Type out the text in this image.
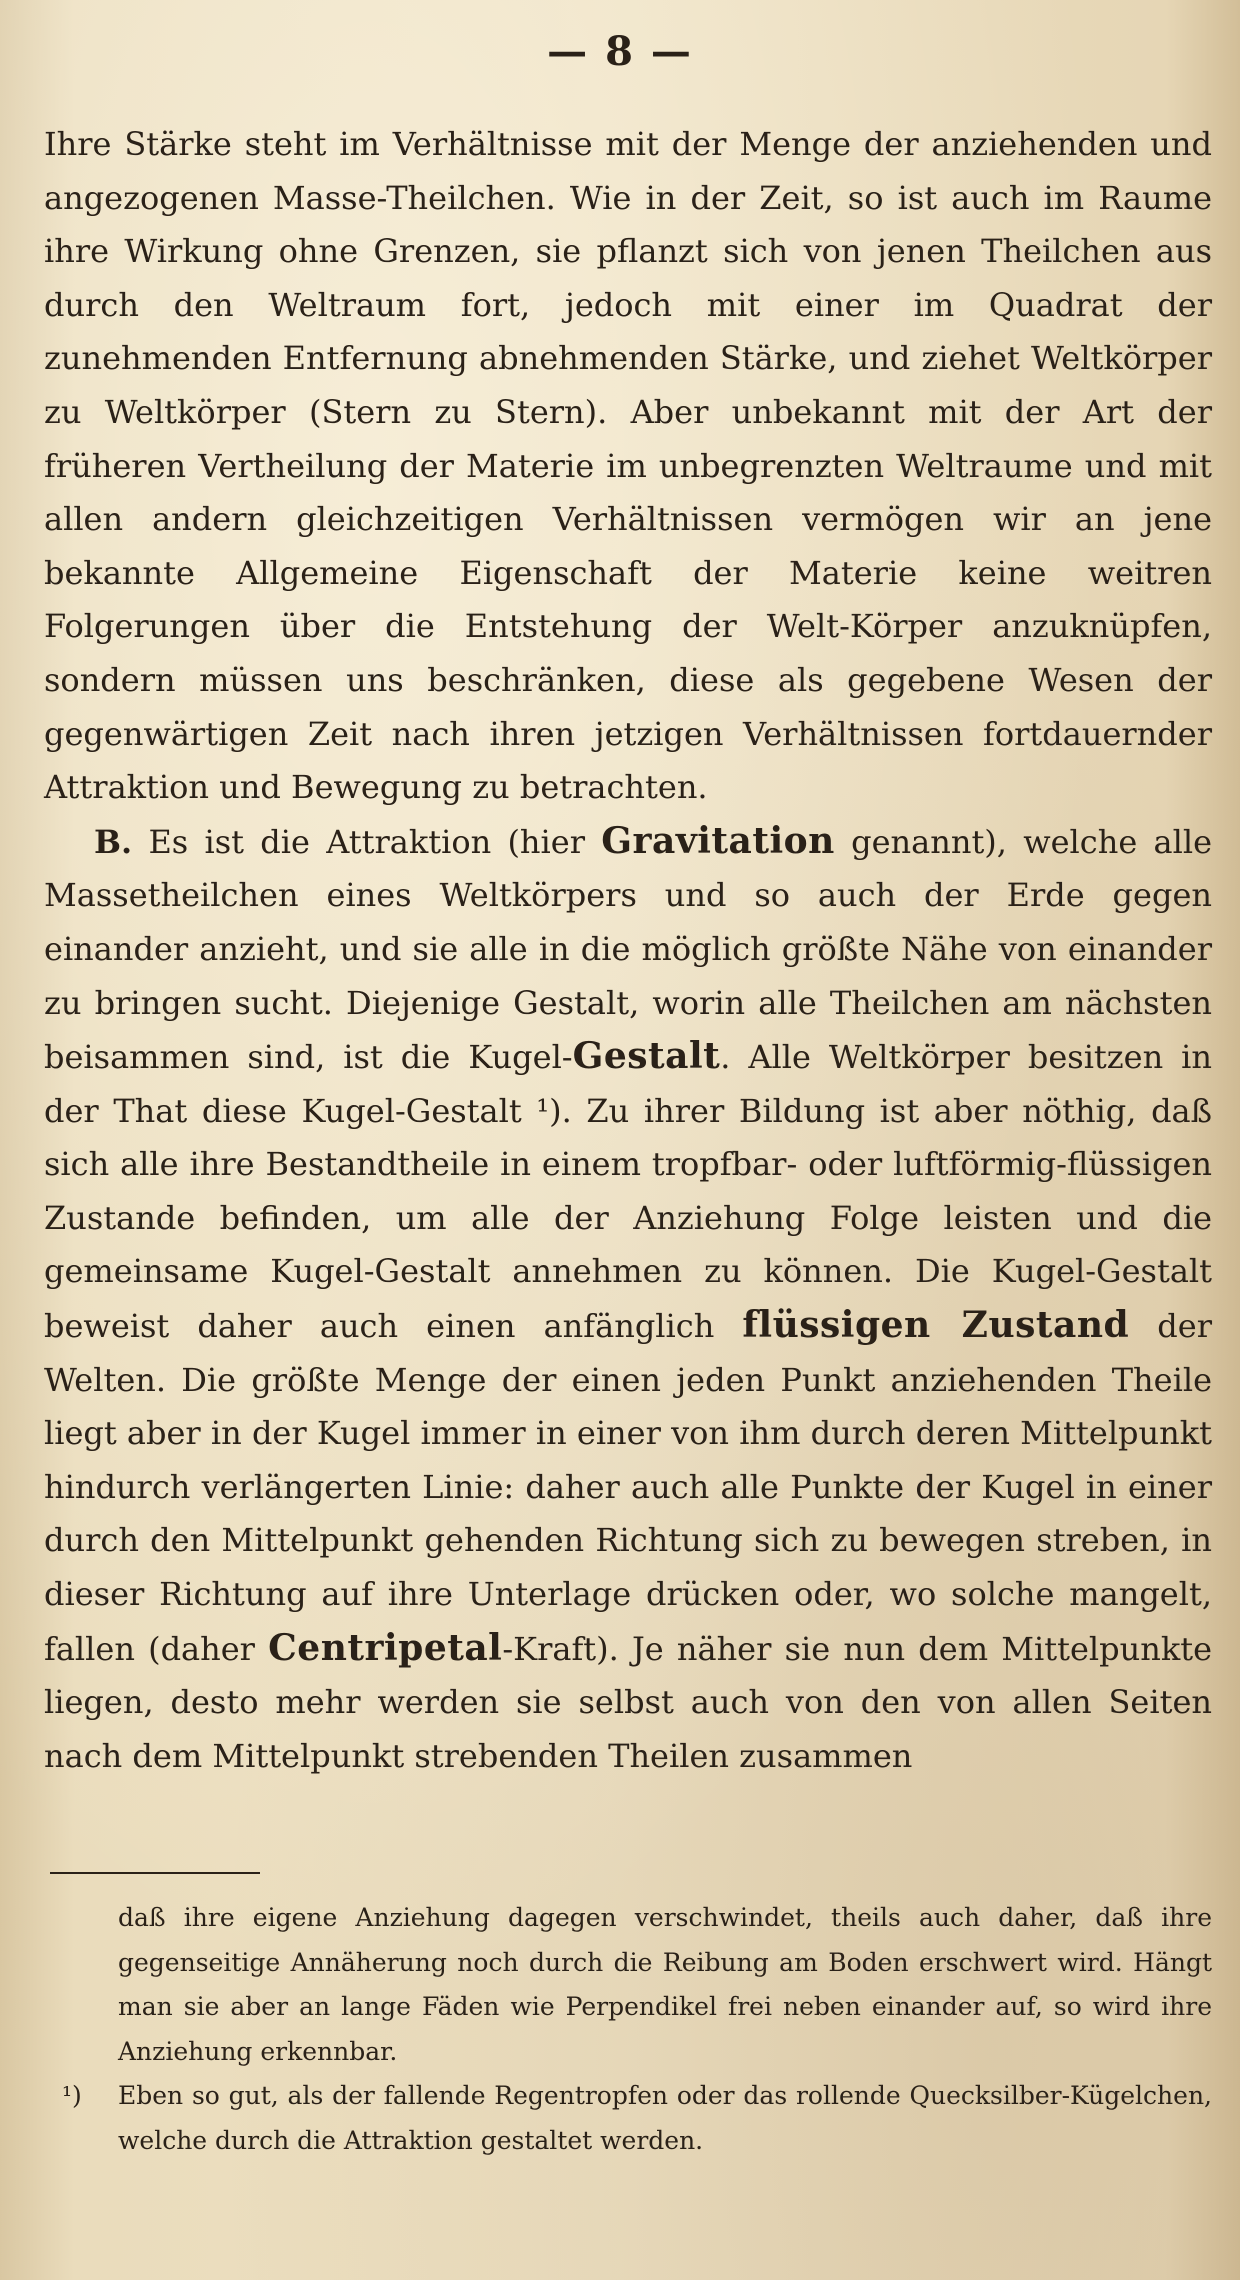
— 8 —

Ihre Stärke steht im Verhältnisse mit der Menge der anziehenden und angezogenen Masse-Theilchen. Wie in der Zeit, so ist auch im Raume ihre Wirkung ohne Grenzen, sie pflanzt sich von jenen Theilchen aus durch den Weltraum fort, jedoch mit einer im Quadrat der zunehmenden Entfernung abnehmenden Stärke, und ziehet Weltkörper zu Weltkörper (Stern zu Stern). Aber unbekannt mit der Art der früheren Vertheilung der Materie im unbegrenzten Weltraume und mit allen andern gleichzeitigen Verhältnissen vermögen wir an jene bekannte Allgemeine Eigenschaft der Materie keine weitren Folgerungen über die Entstehung der Welt-Körper anzuknüpfen, sondern müssen uns beschränken, diese als gegebene Wesen der gegenwärtigen Zeit nach ihren jetzigen Verhältnissen fortdauernder Attraktion und Bewegung zu betrachten.

B. Es ist die Attraktion (hier Gravitation genannt), welche alle Massetheilchen eines Weltkörpers und so auch der Erde gegen einander anzieht, und sie alle in die möglich größte Nähe von einander zu bringen sucht. Diejenige Gestalt, worin alle Theilchen am nächsten beisammen sind, ist die Kugel-Gestalt. Alle Weltkörper besitzen in der That diese Kugel-Gestalt ¹). Zu ihrer Bildung ist aber nöthig, daß sich alle ihre Bestandtheile in einem tropfbar- oder luftförmig-flüssigen Zustande befinden, um alle der Anziehung Folge leisten und die gemeinsame Kugel-Gestalt annehmen zu können. Die Kugel-Gestalt beweist daher auch einen anfänglich flüssigen Zustand der Welten. Die größte Menge der einen jeden Punkt anziehenden Theile liegt aber in der Kugel immer in einer von ihm durch deren Mittelpunkt hindurch verlängerten Linie: daher auch alle Punkte der Kugel in einer durch den Mittelpunkt gehenden Richtung sich zu bewegen streben, in dieser Richtung auf ihre Unterlage drücken oder, wo solche mangelt, fallen (daher Centripetal-Kraft). Je näher sie nun dem Mittelpunkte liegen, desto mehr werden sie selbst auch von den von allen Seiten nach dem Mittelpunkt strebenden Theilen zusammen

daß ihre eigene Anziehung dagegen verschwindet, theils auch daher, daß ihre gegenseitige Annäherung noch durch die Reibung am Boden erschwert wird. Hängt man sie aber an lange Fäden wie Perpendikel frei neben einander auf, so wird ihre Anziehung erkennbar.
¹) Eben so gut, als der fallende Regentropfen oder das rollende Quecksilber-Kügelchen, welche durch die Attraktion gestaltet werden.
